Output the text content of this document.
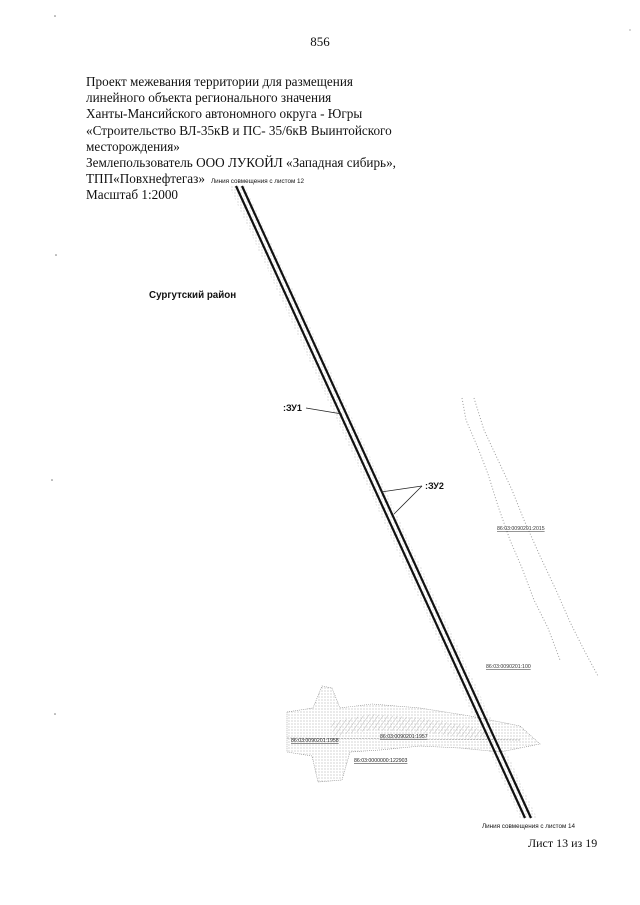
856
Проект межевания территории для размещения
линейного объекта регионального значения
Ханты-Мансийского автономного округа - Югры
«Строительство ВЛ-35кВ и ПС- 35/6кВ Выинтойского
месторождения»
Землепользователь ООО ЛУКОЙЛ «Западная сибирь»,
ТПП«Повхнефтегаз»
Масштаб 1:2000
Линия совмещения с листом 12
Сургутский район
:ЗУ1
:ЗУ2
86:03:0090201:2015
86:03:0090201:100
86:03:0090201:1957
86:03:0090201:1958
86:03:0000000:122903
Линия совмещения с листом 14
Лист 13 из 19
